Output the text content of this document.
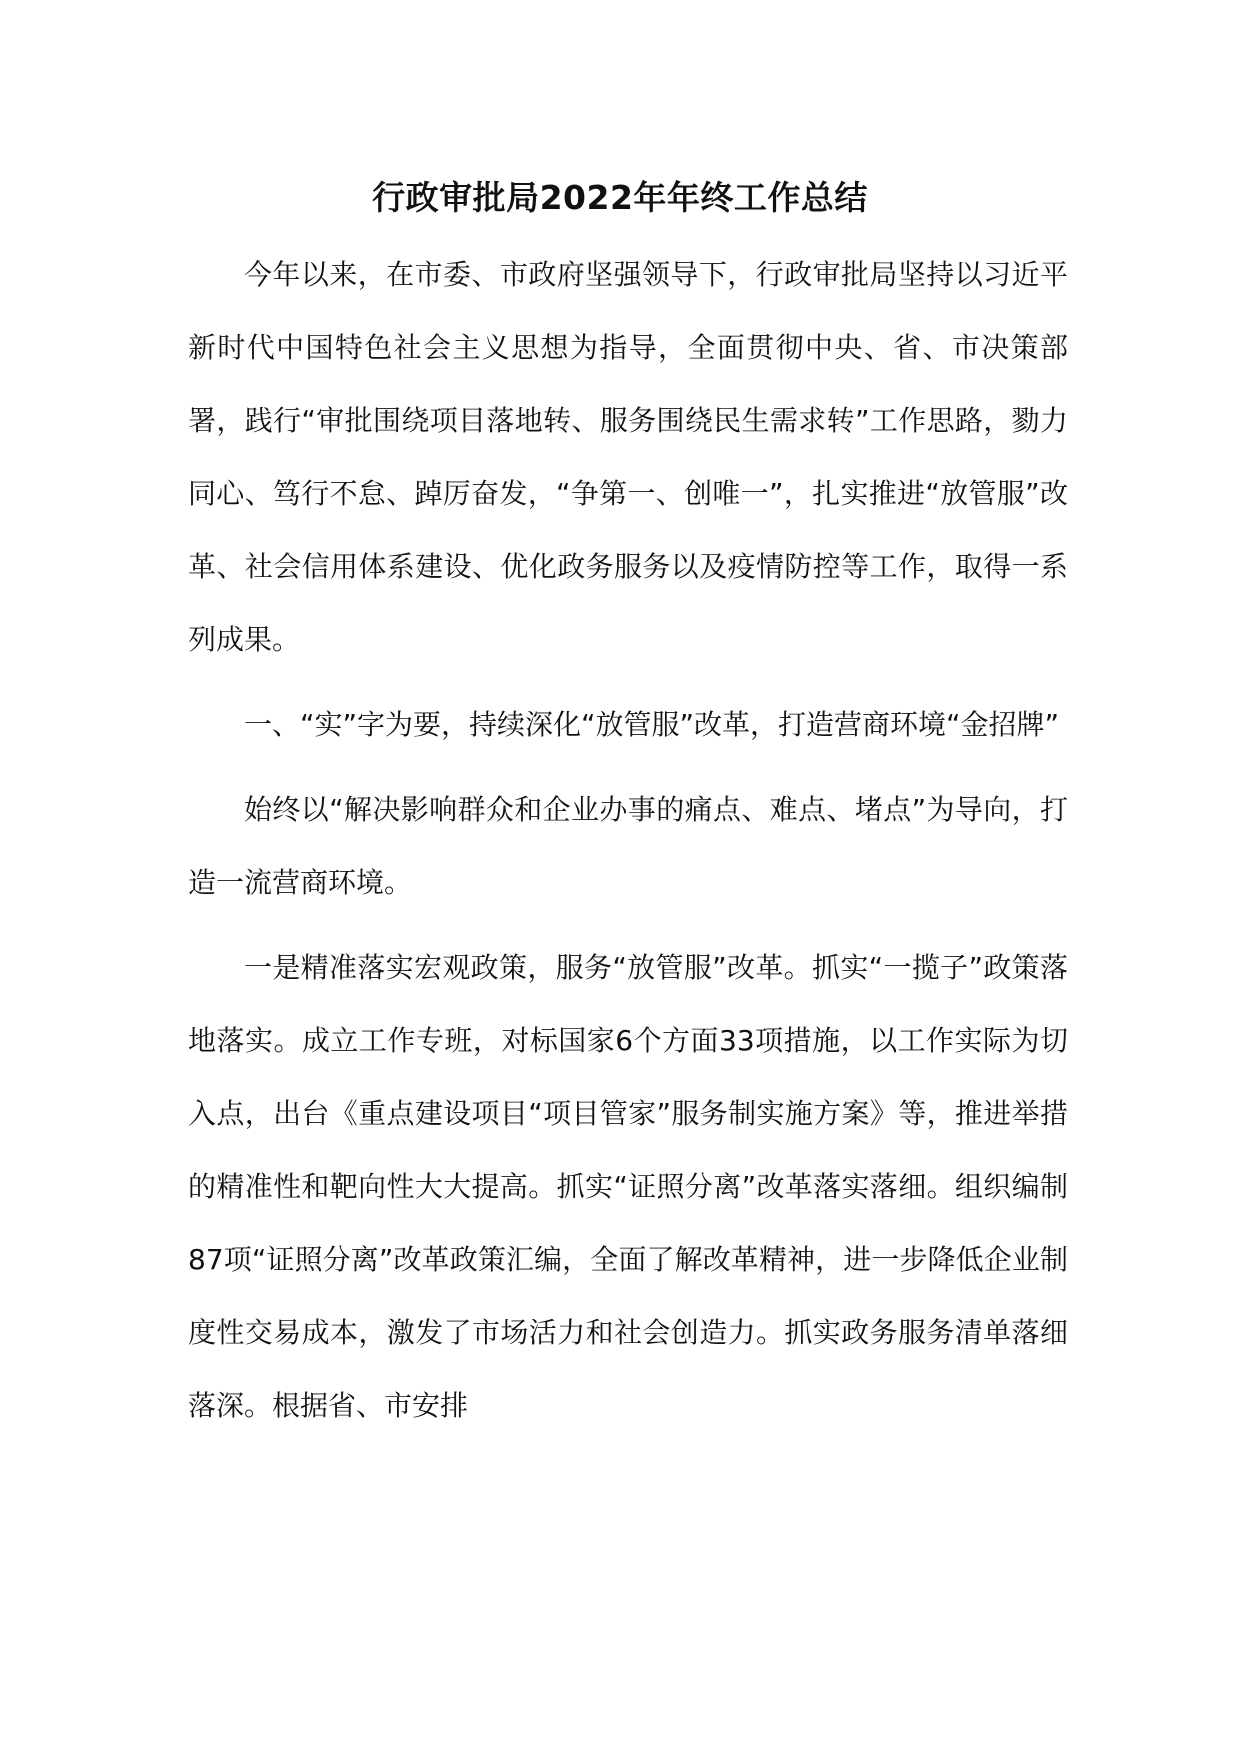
行政审批局2022年年终工作总结

今年以来，在市委、市政府坚强领导下，行政审批局坚持以习近平新时代中国特色社会主义思想为指导，全面贯彻中央、省、市决策部署，践行“审批围绕项目落地转、服务围绕民生需求转”工作思路，勠力同心、笃行不怠、踔厉奋发，“争第一、创唯一”，扎实推进“放管服”改革、社会信用体系建设、优化政务服务以及疫情防控等工作，取得一系列成果。

一、“实”字为要，持续深化“放管服”改革，打造营商环境“金招牌”

始终以“解决影响群众和企业办事的痛点、难点、堵点”为导向，打造一流营商环境。

一是精准落实宏观政策，服务“放管服”改革。抓实“一揽子”政策落地落实。成立工作专班，对标国家6个方面33项措施，以工作实际为切入点，出台《重点建设项目“项目管家”服务制实施方案》等，推进举措的精准性和靶向性大大提高。抓实“证照分离”改革落实落细。组织编制87项“证照分离”改革政策汇编，全面了解改革精神，进一步降低企业制度性交易成本，激发了市场活力和社会创造力。抓实政务服务清单落细落深。根据省、市安排
